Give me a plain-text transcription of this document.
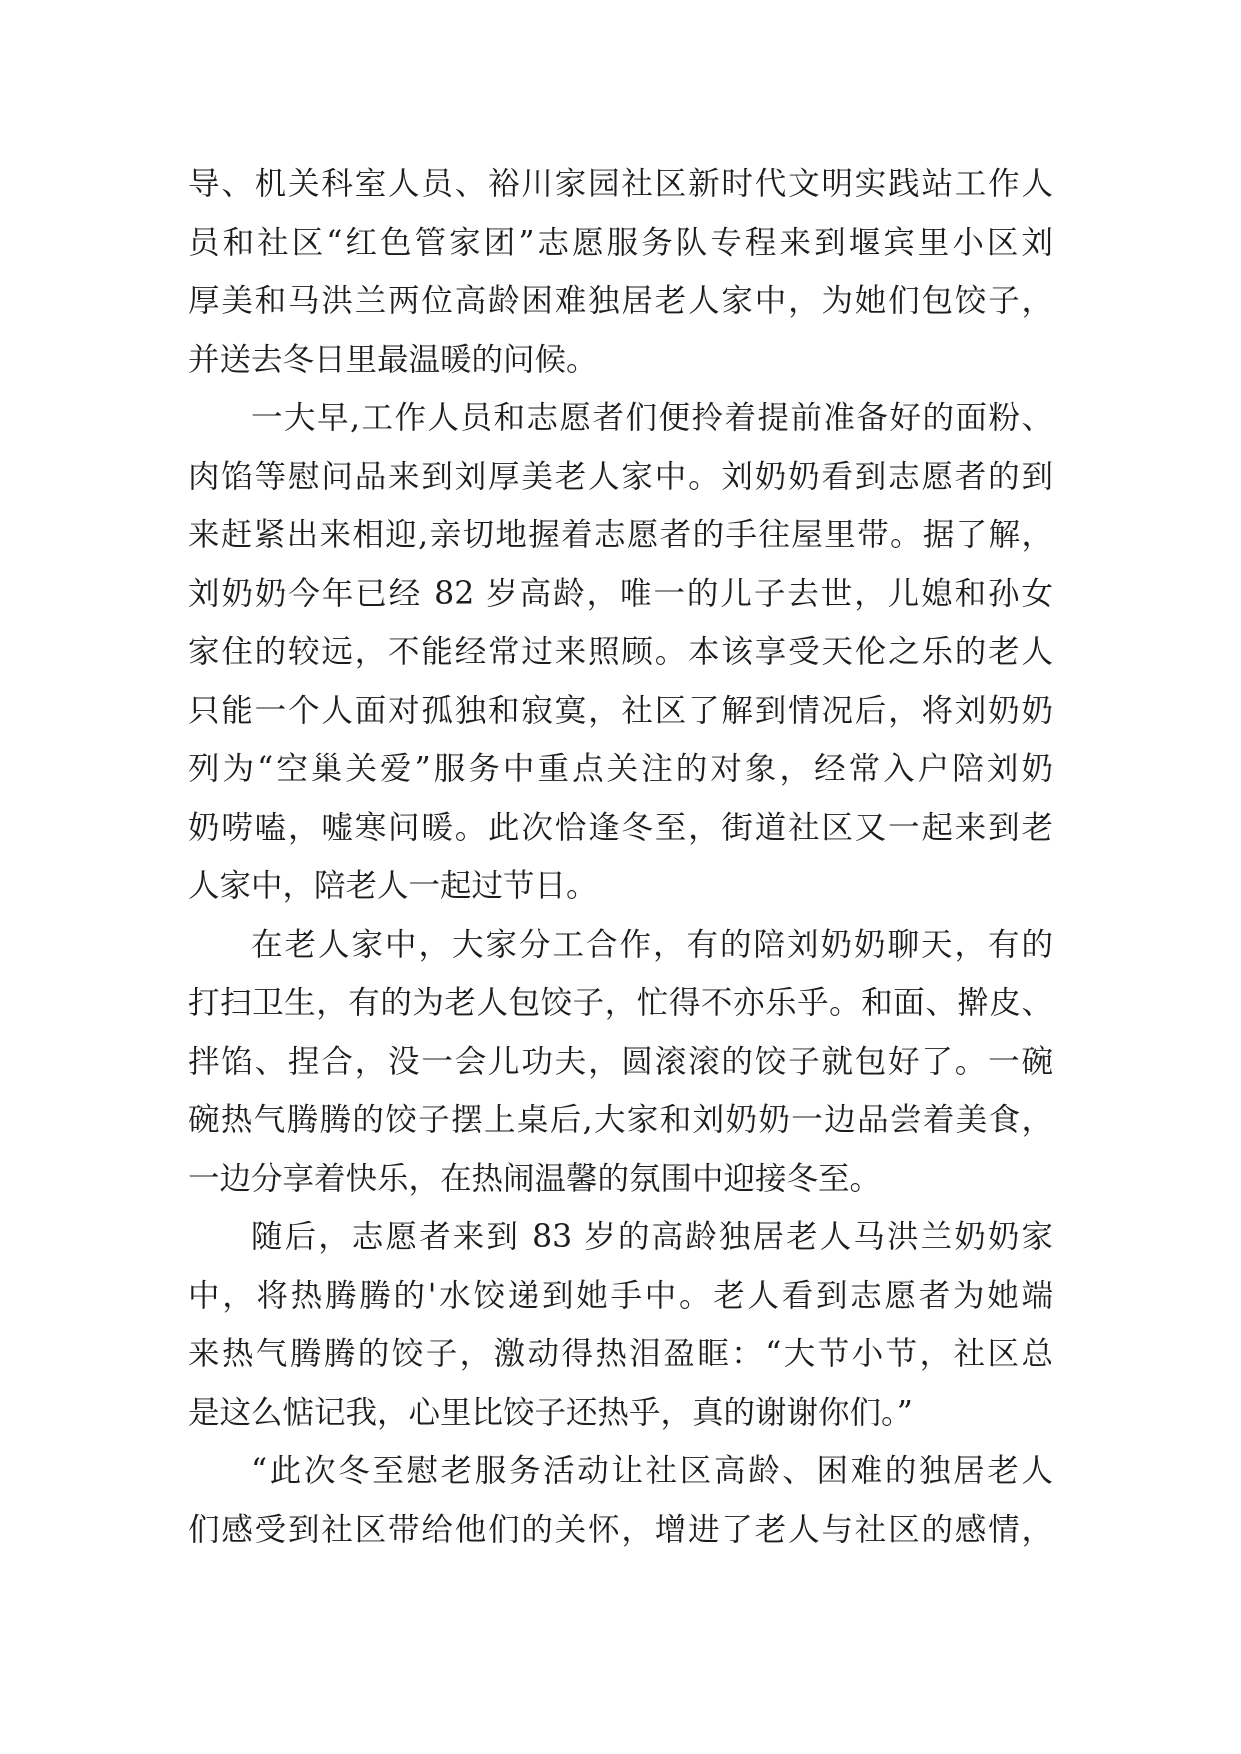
导、机关科室人员、裕川家园社区新时代文明实践站工作人
员和社区“红色管家团”志愿服务队专程来到堰宾里小区刘
厚美和马洪兰两位高龄困难独居老人家中，为她们包饺子，
并送去冬日里最温暖的问候。
一大早,工作人员和志愿者们便拎着提前准备好的面粉、
肉馅等慰问品来到刘厚美老人家中。刘奶奶看到志愿者的到
来赶紧出来相迎,亲切地握着志愿者的手往屋里带。据了解，
刘奶奶今年已经 82 岁高龄，唯一的儿子去世，儿媳和孙女
家住的较远，不能经常过来照顾。本该享受天伦之乐的老人
只能一个人面对孤独和寂寞，社区了解到情况后，将刘奶奶
列为“空巢关爱”服务中重点关注的对象，经常入户陪刘奶
奶唠嗑，嘘寒问暖。此次恰逢冬至，街道社区又一起来到老
人家中，陪老人一起过节日。
在老人家中，大家分工合作，有的陪刘奶奶聊天，有的
打扫卫生，有的为老人包饺子，忙得不亦乐乎。和面、擀皮、
拌馅、捏合，没一会儿功夫，圆滚滚的饺子就包好了。一碗
碗热气腾腾的饺子摆上桌后,大家和刘奶奶一边品尝着美食，
一边分享着快乐，在热闹温馨的氛围中迎接冬至。
随后，志愿者来到 83 岁的高龄独居老人马洪兰奶奶家
中，将热腾腾的'水饺递到她手中。老人看到志愿者为她端
来热气腾腾的饺子，激动得热泪盈眶：“大节小节，社区总
是这么惦记我，心里比饺子还热乎，真的谢谢你们。”
“此次冬至慰老服务活动让社区高龄、困难的独居老人
们感受到社区带给他们的关怀，增进了老人与社区的感情，
